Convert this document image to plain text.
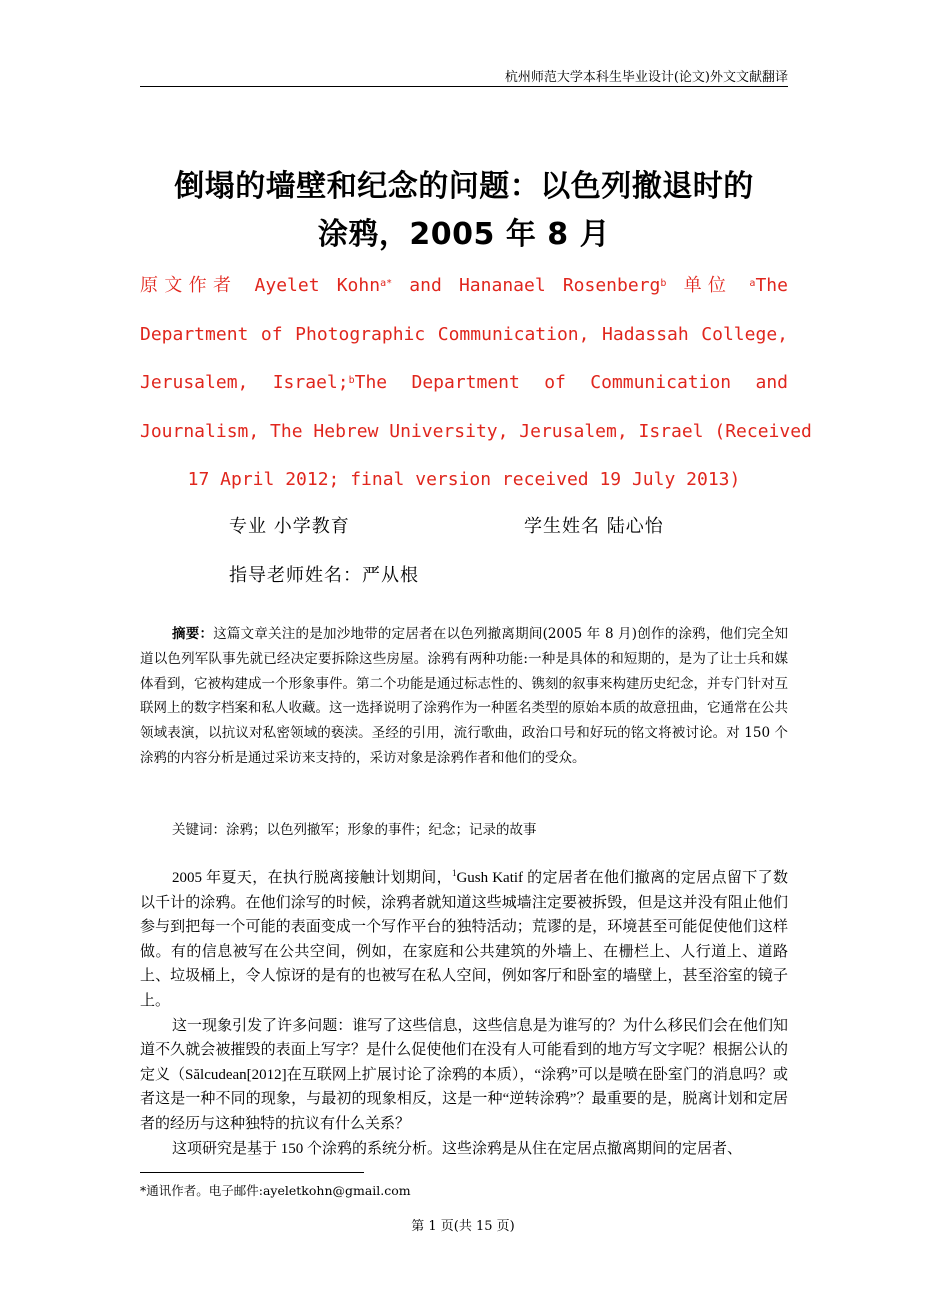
杭州师范大学本科生毕业设计(论文)外文文献翻译
倒塌的墙壁和纪念的问题：以色列撤退时的
涂鸦，2005 年 8 月
原文作者 Ayelet Kohn$^{a*}$ and Hananael Rosenberg$^b$ 单位 $^a$The
Department of Photographic Communication, Hadassah College,
Jerusalem, Israel;$^b$The Department of Communication and
Journalism, The Hebrew University, Jerusalem, Israel (Received
17 April 2012; final version received 19 July 2013)
专业 小学教育	学生姓名 陆心怡
指导老师姓名：严从根
摘要：这篇文章关注的是加沙地带的定居者在以色列撤离期间(2005 年 8 月)创作的涂鸦，他们完全知道以色列军队事先就已经决定要拆除这些房屋。涂鸦有两种功能:一种是具体的和短期的，是为了让士兵和媒体看到，它被构建成一个形象事件。第二个功能是通过标志性的、镌刻的叙事来构建历史纪念，并专门针对互联网上的数字档案和私人收藏。这一选择说明了涂鸦作为一种匿名类型的原始本质的故意扭曲，它通常在公共领域表演，以抗议对私密领域的亵渎。圣经的引用，流行歌曲，政治口号和好玩的铭文将被讨论。对 150 个涂鸦的内容分析是通过采访来支持的，采访对象是涂鸦作者和他们的受众。
关键词：涂鸦；以色列撤军；形象的事件；纪念；记录的故事

2005 年夏天，在执行脱离接触计划期间，$^1$Gush Katif 的定居者在他们撤离的定居点留下了数以千计的涂鸦。在他们涂写的时候，涂鸦者就知道这些城墙注定要被拆毁，但是这并没有阻止他们参与到把每一个可能的表面变成一个写作平台的独特活动；荒谬的是，环境甚至可能促使他们这样做。有的信息被写在公共空间，例如，在家庭和公共建筑的外墙上、在栅栏上、人行道上、道路上、垃圾桶上，令人惊讶的是有的也被写在私人空间，例如客厅和卧室的墙壁上，甚至浴室的镜子上。

这一现象引发了许多问题：谁写了这些信息，这些信息是为谁写的？为什么移民们会在他们知道不久就会被摧毁的表面上写字？是什么促使他们在没有人可能看到的地方写文字呢？根据公认的定义（Sălcudean[2012]在互联网上扩展讨论了涂鸦的本质），“涂鸦”可以是喷在卧室门的消息吗？或者这是一种不同的现象，与最初的现象相反，这是一种“逆转涂鸦”？最重要的是，脱离计划和定居者的经历与这种独特的抗议有什么关系？

这项研究是基于 150 个涂鸦的系统分析。这些涂鸦是从住在定居点撤离期间的定居者、

*通讯作者。电子邮件:ayeletkohn@gmail.com
第 1 页(共 15 页)
